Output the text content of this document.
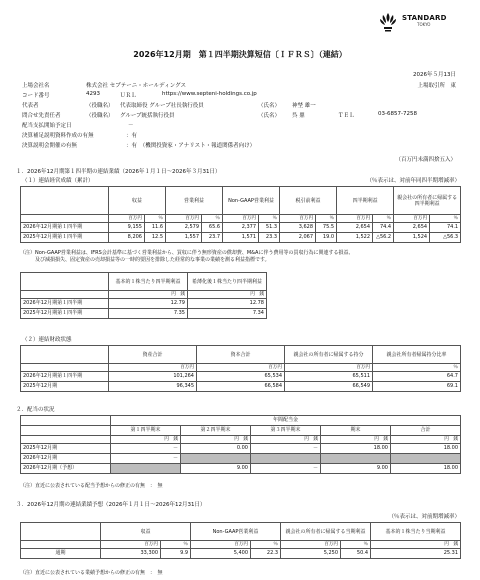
STANDARD
TOKYO
2026年12月期　第１四半期決算短信〔ＩＦＲＳ〕（連結）
2026年５月13日
上場会社名	株式会社 セプテーニ・ホールディングス	上場取引所　東
コード番号	4293	ＵＲＬ	https://www.septeni-holdings.co.jp
代表者	（役職名） 代表取締役 グループ社長執行役員	（氏名） 神埜 雄一
問合せ先責任者	（役職名） グループ統括執行役員	（氏名） 呉 鼎	ＴＥＬ	03-6857-7258
配当支払開始予定日	－
決算補足説明資料作成の有無	：有
決算説明会開催の有無	：有　（機関投資家・アナリスト・報道関係者向け）
（百万円未満四捨五入）
１．2026年12月期第１四半期の連結業績（2026年１月１日～2026年３月31日）
（１）連結経営成績（累計）	（％表示は、対前年同四半期増減率）
	収益		営業利益		Non-GAAP営業利益		税引前利益		四半期利益		親会社の所有者に帰属する四半期利益	
	百万円	％	百万円	％	百万円	％	百万円	％	百万円	％	百万円	％
2026年12月期第１四半期	9,155	11.6	2,579	65.6	2,377	51.3	3,628	75.5	2,654	74.4	2,654	74.1
2025年12月期第１四半期	8,206	12.5	1,557	23.7	1,571	23.3	2,067	19.0	1,522	△56.2	1,524	△56.3
（注）Non-GAAP営業利益は、IFRS会計基準に基づく営業利益から、買収に伴う無形資産の償却費、M&Aに伴う費用等の買収行為に関連する損益、
　　　及び減損損失、固定資産の売却損益等の一時的要因を排除した経常的な事業の業績を測る利益指標です。
	基本的１株当たり四半期利益	希薄化後１株当たり四半期利益
	円　銭	円　銭
2026年12月期第１四半期	12.79	12.78
2025年12月期第１四半期	7.35	7.34
（２）連結財政状態
	資産合計	資本合計	親会社の所有者に帰属する持分	親会社所有者帰属持分比率
	百万円	百万円	百万円	％
2026年12月期第１四半期	101,264	65,534	65,511	64.7
2025年12月期	96,345	66,584	66,549	69.1
２．配当の状況
	年間配当金				
	第１四半期末	第２四半期末	第３四半期末	期末	合計
	円　銭	円　銭	円　銭	円　銭	円　銭
2025年12月期	－	0.00	－	18.00	18.00
2026年12月期	－				
2026年12月期（予想）		9.00	－	9.00	18.00
（注）直近に公表されている配当予想からの修正の有無　：　無
３．2026年12月期の連結業績予想（2026年１月１日～2026年12月31日）
（％表示は、対前期増減率）
	収益		Non-GAAP営業利益		親会社の所有者に帰属する当期利益		基本的１株当たり当期利益
	百万円	％	百万円	％	百万円	％	円　銭
通期	33,300	9.9	5,400	22.3	5,250	50.4	25.31
（注）直近に公表されている業績予想からの修正の有無　：　無
